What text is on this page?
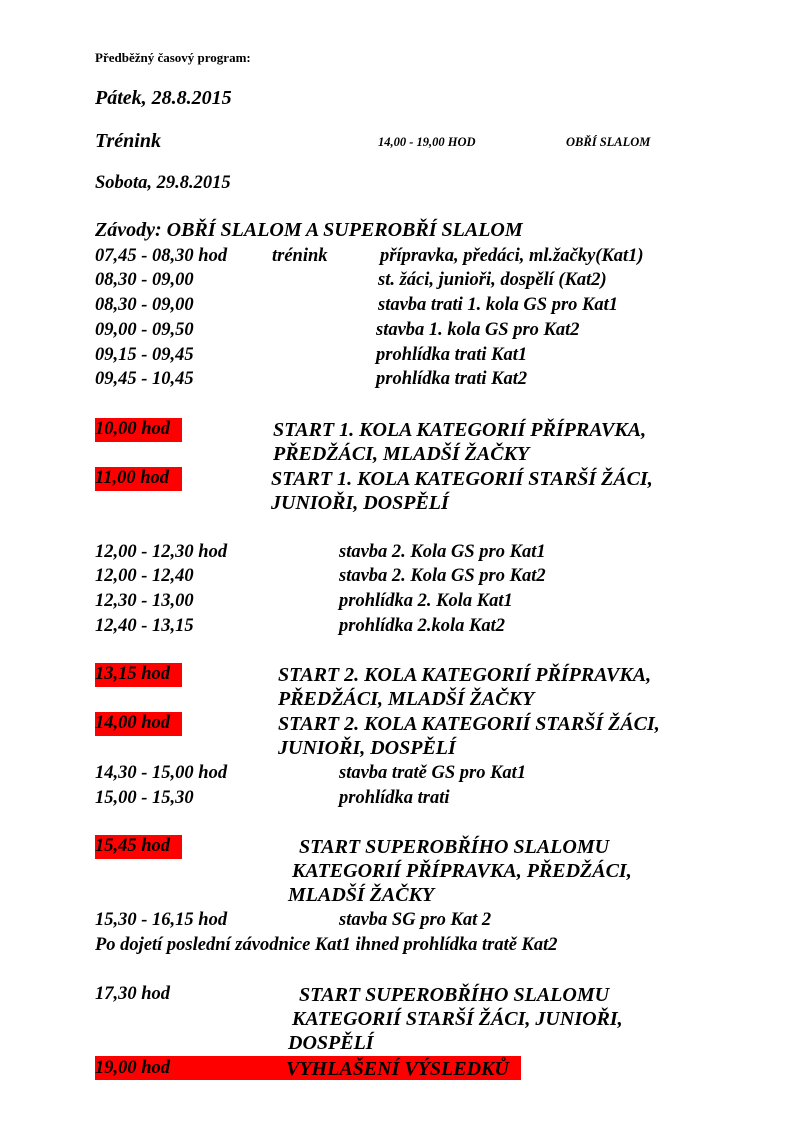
Předběžný časový program:
Pátek, 28.8.2015
Trénink	14,00 - 19,00 HOD	OBŘÍ SLALOM
Sobota, 29.8.2015
Závody: OBŘÍ SLALOM A SUPEROBŘÍ SLALOM
07,45 - 08,30 hod trénink	přípravka, předáci, ml.žačky(Kat1)
08,30 - 09,00	st. žáci, junioři, dospělí (Kat2)
08,30 - 09,00	stavba trati 1. kola GS pro Kat1
09,00 - 09,50	stavba 1. kola GS pro Kat2
09,15 - 09,45	prohlídka trati Kat1
09,45 - 10,45	prohlídka trati Kat2
10,00 hod	START 1. KOLA KATEGORIÍ PŘÍPRAVKA,
PŘEDŽÁCI, MLADŠÍ ŽAČKY
11,00 hod	START 1. KOLA KATEGORIÍ STARŠÍ ŽÁCI,
JUNIOŘI, DOSPĚLÍ
12,00 - 12,30 hod	stavba 2. Kola GS pro Kat1
12,00 - 12,40	stavba 2. Kola GS pro Kat2
12,30 - 13,00	prohlídka 2. Kola Kat1
12,40 - 13,15	prohlídka 2.kola Kat2
13,15 hod	START 2. KOLA KATEGORIÍ PŘÍPRAVKA,
PŘEDŽÁCI, MLADŠÍ ŽAČKY
14,00 hod	START 2. KOLA KATEGORIÍ STARŠÍ ŽÁCI,
JUNIOŘI, DOSPĚLÍ
14,30 - 15,00 hod	stavba tratě GS pro Kat1
15,00 - 15,30	prohlídka trati
15,45 hod	START SUPEROBŘÍHO SLALOMU
KATEGORIÍ PŘÍPRAVKA, PŘEDŽÁCI,
MLADŠÍ ŽAČKY
15,30 - 16,15 hod	stavba SG pro Kat 2
Po dojetí poslední závodnice Kat1 ihned prohlídka tratě Kat2
17,30 hod	START SUPEROBŘÍHO SLALOMU
KATEGORIÍ STARŠÍ ŽÁCI, JUNIOŘI,
DOSPĚLÍ
19,00 hod	VYHLAŠENÍ VÝSLEDKŮ
